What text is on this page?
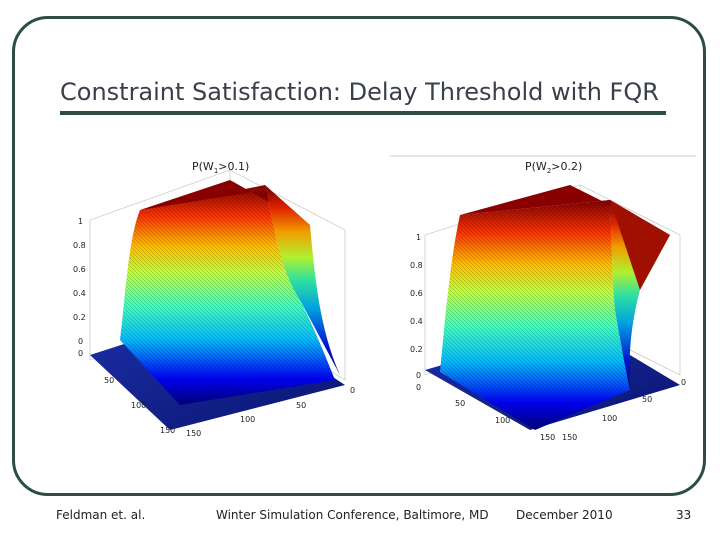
Constraint Satisfaction: Delay Threshold with FQR
$P(W_1>0.1)$
1
0.8
0.6
0.4
0.2
0
0
50
100
150
0
50
100
150
$P(W_2>0.2)$
1
0.8
0.6
0.4
0.2
0
0
50
100
150
0
50
100
150
Feldman et. al.	Winter Simulation Conference, Baltimore, MD December 2010	33
